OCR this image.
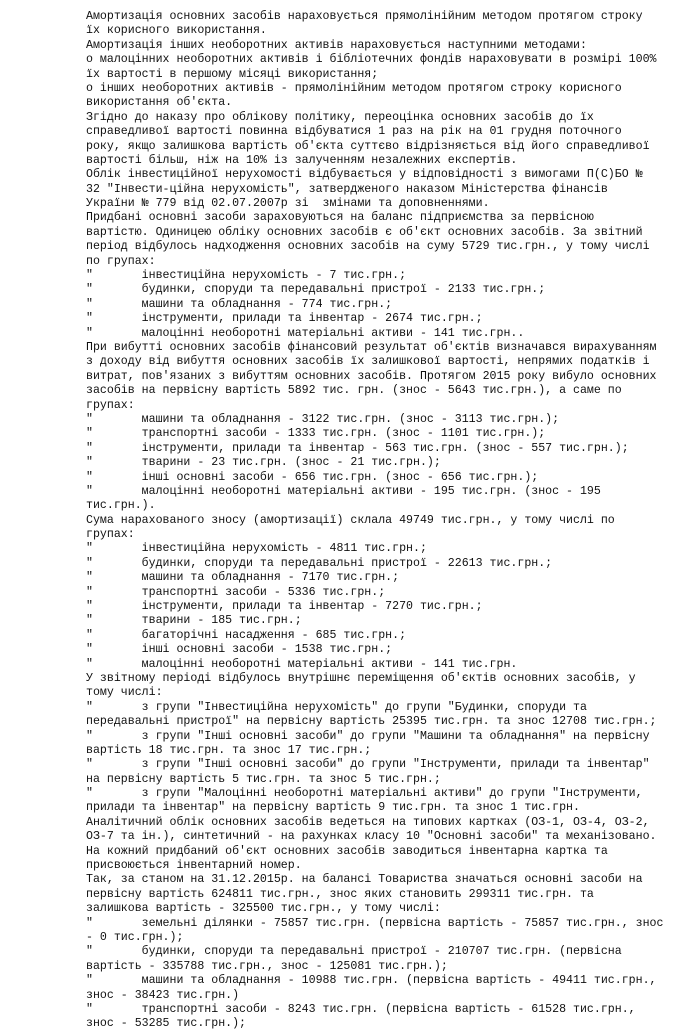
Амортизація основних засобів нараховується прямолінійним методом протягом строку
їх корисного використання.
Амортизація інших необоротних активів нараховується наступними методами:
о малоцінних необоротних активів і бібліотечних фондів нараховувати в розмірі 100%
їх вартості в першому місяці використання;
о інших необоротних активів - прямолінійним методом протягом строку корисного
використання об'єкта.
Згідно до наказу про облікову політику, переоцінка основних засобів до їх
справедливої вартості повинна відбуватися 1 раз на рік на 01 грудня поточного
року, якщо залишкова вартість об'єкта суттєво відрізняється від його справедливої
вартості більш, ніж на 10% із залученням незалежних експертів.
Облік інвестиційної нерухомості відбувається у відповідності з вимогами П(С)БО №
32 "Інвести-ційна нерухомість", затвердженого наказом Міністерства фінансів
України № 779 від 02.07.2007р зі  змінами та доповненнями.
Придбані основні засоби зараховуються на баланс підприємства за первісною
вартістю. Одиницею обліку основних засобів є об'єкт основних засобів. За звітний
період відбулось надходження основних засобів на суму 5729 тис.грн., у тому числі
по групах:
"       інвестиційна нерухомість - 7 тис.грн.;
"       будинки, споруди та передавальні пристрої - 2133 тис.грн.;
"       машини та обладнання - 774 тис.грн.;
"       інструменти, прилади та інвентар - 2674 тис.грн.;
"       малоцінні необоротні матеріальні активи - 141 тис.грн..
При вибутті основних засобів фінансовий результат об'єктів визначався вирахуванням
з доходу від вибуття основних засобів їх залишкової вартості, непрямих податків і
витрат, пов'язаних з вибуттям основних засобів. Протягом 2015 року вибуло основних
засобів на первісну вартість 5892 тис. грн. (знос - 5643 тис.грн.), а саме по
групах:
"       машини та обладнання - 3122 тис.грн. (знос - 3113 тис.грн.);
"       транспортні засоби - 1333 тис.грн. (знос - 1101 тис.грн.);
"       інструменти, прилади та інвентар - 563 тис.грн. (знос - 557 тис.грн.);
"       тварини - 23 тис.грн. (знос - 21 тис.грн.);
"       інші основні засоби - 656 тис.грн. (знос - 656 тис.грн.);
"       малоцінні необоротні матеріальні активи - 195 тис.грн. (знос - 195
тис.грн.).
Сума нарахованого зносу (амортизації) склала 49749 тис.грн., у тому числі по
групах:
"       інвестиційна нерухомість - 4811 тис.грн.;
"       будинки, споруди та передавальні пристрої - 22613 тис.грн.;
"       машини та обладнання - 7170 тис.грн.;
"       транспортні засоби - 5336 тис.грн.;
"       інструменти, прилади та інвентар - 7270 тис.грн.;
"       тварини - 185 тис.грн.;
"       багаторічні насадження - 685 тис.грн.;
"       інші основні засоби - 1538 тис.грн.;
"       малоцінні необоротні матеріальні активи - 141 тис.грн.
У звітному періоді відбулось внутрішнє переміщення об'єктів основних засобів, у
тому числі:
"       з групи "Інвестиційна нерухомість" до групи "Будинки, споруди та
передавальні пристрої" на первісну вартість 25395 тис.грн. та знос 12708 тис.грн.;
"       з групи "Інші основні засоби" до групи "Машини та обладнання" на первісну
вартість 18 тис.грн. та знос 17 тис.грн.;
"       з групи "Інші основні засоби" до групи "Інструменти, прилади та інвентар"
на первісну вартість 5 тис.грн. та знос 5 тис.грн.;
"       з групи "Малоцінні необоротні матеріальні активи" до групи "Інструменти,
прилади та інвентар" на первісну вартість 9 тис.грн. та знос 1 тис.грн.
Аналітичний облік основних засобів ведеться на типових картках (ОЗ-1, ОЗ-4, ОЗ-2,
ОЗ-7 та ін.), синтетичний - на рахунках класу 10 "Основні засоби" та механізовано.
На кожний придбаний об'єкт основних засобів заводиться інвентарна картка та
присвоюється інвентарний номер.
Так, за станом на 31.12.2015р. на балансі Товариства значаться основні засоби на
первісну вартість 624811 тис.грн., знос яких становить 299311 тис.грн. та
залишкова вартість - 325500 тис.грн., у тому числі:
"       земельні ділянки - 75857 тис.грн. (первісна вартість - 75857 тис.грн., знос
- 0 тис.грн.);
"       будинки, споруди та передавальні пристрої - 210707 тис.грн. (первісна
вартість - 335788 тис.грн., знос - 125081 тис.грн.);
"       машини та обладнання - 10988 тис.грн. (первісна вартість - 49411 тис.грн.,
знос - 38423 тис.грн.)
"       транспортні засоби - 8243 тис.грн. (первісна вартість - 61528 тис.грн.,
знос - 53285 тис.грн.);
